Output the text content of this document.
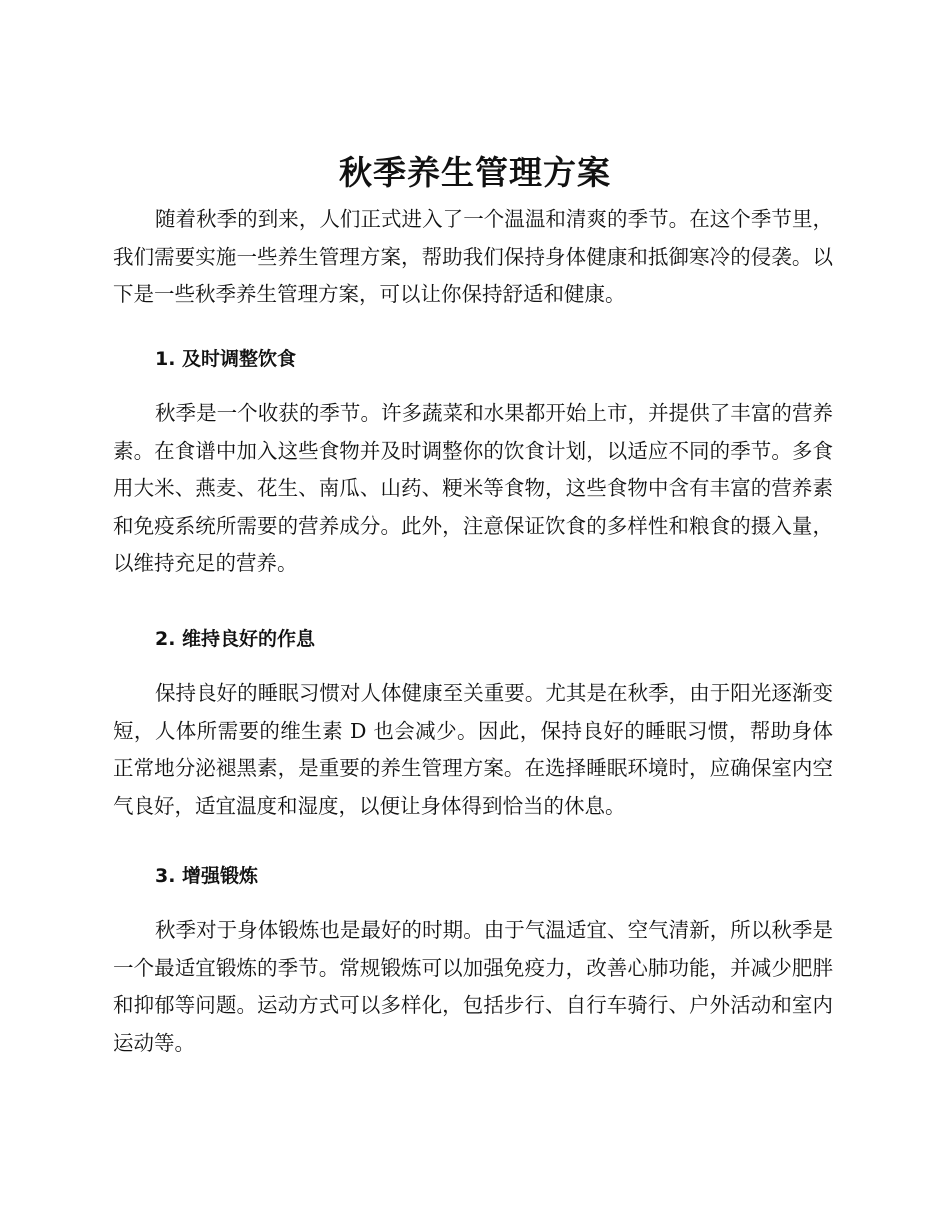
秋季养生管理方案

随着秋季的到来，人们正式进入了一个温温和清爽的季节。在这个季节里，我们需要实施一些养生管理方案，帮助我们保持身体健康和抵御寒冷的侵袭。以下是一些秋季养生管理方案，可以让你保持舒适和健康。

1. 及时调整饮食

秋季是一个收获的季节。许多蔬菜和水果都开始上市，并提供了丰富的营养素。在食谱中加入这些食物并及时调整你的饮食计划，以适应不同的季节。多食用大米、燕麦、花生、南瓜、山药、粳米等食物，这些食物中含有丰富的营养素和免疫系统所需要的营养成分。此外，注意保证饮食的多样性和粮食的摄入量，以维持充足的营养。

2. 维持良好的作息

保持良好的睡眠习惯对人体健康至关重要。尤其是在秋季，由于阳光逐渐变短，人体所需要的维生素 D 也会减少。因此，保持良好的睡眠习惯，帮助身体正常地分泌褪黑素，是重要的养生管理方案。在选择睡眠环境时，应确保室内空气良好，适宜温度和湿度，以便让身体得到恰当的休息。

3. 增强锻炼

秋季对于身体锻炼也是最好的时期。由于气温适宜、空气清新，所以秋季是一个最适宜锻炼的季节。常规锻炼可以加强免疫力，改善心肺功能，并减少肥胖和抑郁等问题。运动方式可以多样化，包括步行、自行车骑行、户外活动和室内运动等。
